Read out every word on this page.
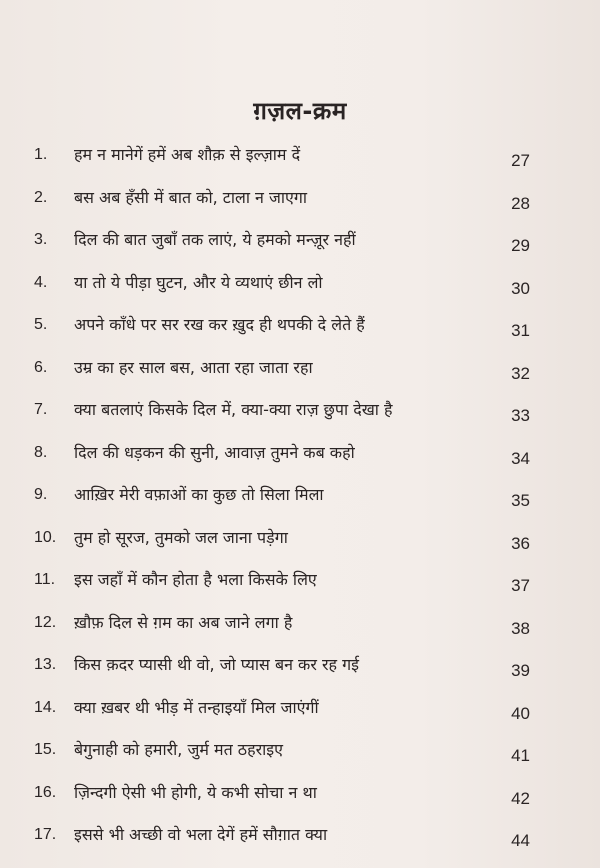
ग़ज़ल-क्रम
1.	हम न मानेगें हमें अब शौक़ से इल्ज़ाम दें	27
2.	बस अब हँसी में बात को, टाला न जाएगा	28
3.	दिल की बात जुबाँ तक लाएं, ये हमको मन्ज़ूर नहीं	29
4.	या तो ये पीड़ा घुटन, और ये व्यथाएं छीन लो	30
5.	अपने काँधे पर सर रख कर ख़ुद ही थपकी दे लेते हैं	31
6.	उम्र का हर साल बस, आता रहा जाता रहा	32
7.	क्या बतलाएं किसके दिल में, क्या-क्या राज़ छुपा देखा है	33
8.	दिल की धड़कन की सुनी, आवाज़ तुमने कब कहो	34
9.	आख़िर मेरी वफ़ाओं का कुछ तो सिला मिला	35
10.	तुम हो सूरज, तुमको जल जाना पड़ेगा	36
11.	इस जहाँ में कौन होता है भला किसके लिए	37
12.	ख़ौफ़ दिल से ग़म का अब जाने लगा है	38
13.	किस क़दर प्यासी थी वो, जो प्यास बन कर रह गई	39
14.	क्या ख़बर थी भीड़ में तन्हाइयाँ मिल जाएंगीं	40
15.	बेगुनाही को हमारी, जुर्म मत ठहराइए	41
16.	ज़िन्दगी ऐसी भी होगी, ये कभी सोचा न था	42
17.	इससे भी अच्छी वो भला देगें हमें सौग़ात क्या	44
